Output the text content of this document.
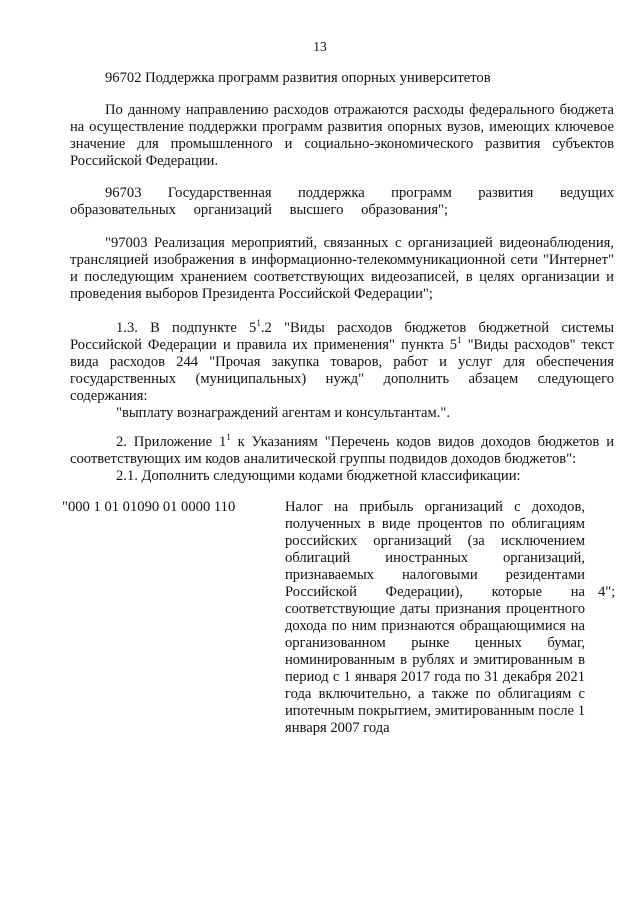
13

96702 Поддержка программ развития опорных университетов

По данному направлению расходов отражаются расходы федерального бюджета на осуществление поддержки программ развития опорных вузов, имеющих ключевое значение для промышленного и социально-экономического развития субъектов Российской Федерации.

96703 Государственная поддержка программ развития ведущих образовательных организаций высшего образования";

"97003 Реализация мероприятий, связанных с организацией видеонаблюдения, трансляцией изображения в информационно-телекоммуникационной сети "Интернет" и последующим хранением соответствующих видеозаписей, в целях организации и проведения выборов Президента Российской Федерации";

1.3. В подпункте $5^1.2$ "Виды расходов бюджетов бюджетной системы Российской Федерации и правила их применения" пункта $5^1$ "Виды расходов" текст вида расходов 244 "Прочая закупка товаров, работ и услуг для обеспечения государственных (муниципальных) нужд" дополнить абзацем следующего содержания:

"выплату вознаграждений агентам и консультантам.".

2. Приложение $1^1$ к Указаниям "Перечень кодов видов доходов бюджетов и соответствующих им кодов аналитической группы подвидов доходов бюджетов":

2.1. Дополнить следующими кодами бюджетной классификации:

"000 1 01 01090 01 0000 110	Налог на прибыль организаций с доходов, полученных в виде процентов по облигациям российских организаций (за исключением облигаций иностранных организаций, признаваемых налоговыми резидентами Российской Федерации), которые на соответствующие даты признания процентного дохода по ним признаются обращающимися на организованном рынке ценных бумаг, номинированным в рублях и эмитированным в период с 1 января 2017 года по 31 декабря 2021 года включительно, а также по облигациям с ипотечным покрытием, эмитированным после 1 января 2007 года

4";
